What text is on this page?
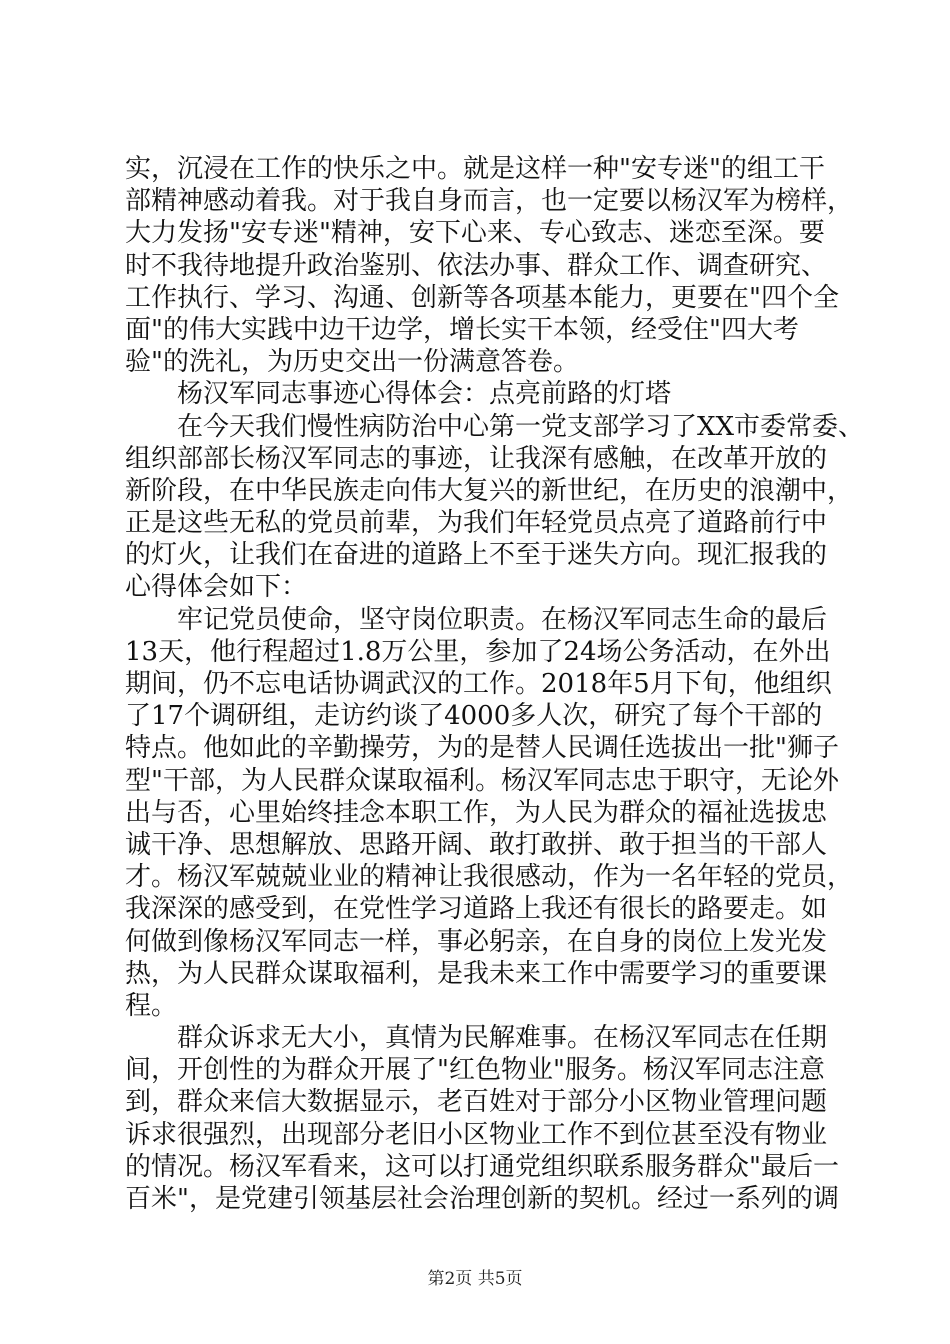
实，沉浸在工作的快乐之中。就是这样一种"安专迷"的组工干
部精神感动着我。对于我自身而言，也一定要以杨汉军为榜样，
大力发扬"安专迷"精神，安下心来、专心致志、迷恋至深。要
时不我待地提升政治鉴别、依法办事、群众工作、调查研究、
工作执行、学习、沟通、创新等各项基本能力，更要在"四个全
面"的伟大实践中边干边学，增长实干本领，经受住"四大考
验"的洗礼，为历史交出一份满意答卷。
杨汉军同志事迹心得体会：点亮前路的灯塔
在今天我们慢性病防治中心第一党支部学习了XX市委常委、
组织部部长杨汉军同志的事迹，让我深有感触，在改革开放的
新阶段，在中华民族走向伟大复兴的新世纪，在历史的浪潮中，
正是这些无私的党员前辈，为我们年轻党员点亮了道路前行中
的灯火，让我们在奋进的道路上不至于迷失方向。现汇报我的
心得体会如下：
牢记党员使命，坚守岗位职责。在杨汉军同志生命的最后
13天，他行程超过1.8万公里，参加了24场公务活动，在外出
期间，仍不忘电话协调武汉的工作。2018年5月下旬，他组织
了17个调研组，走访约谈了4000多人次，研究了每个干部的
特点。他如此的辛勤操劳，为的是替人民调任选拔出一批"狮子
型"干部，为人民群众谋取福利。杨汉军同志忠于职守，无论外
出与否，心里始终挂念本职工作，为人民为群众的福祉选拔忠
诚干净、思想解放、思路开阔、敢打敢拼、敢于担当的干部人
才。杨汉军兢兢业业的精神让我很感动，作为一名年轻的党员，
我深深的感受到，在党性学习道路上我还有很长的路要走。如
何做到像杨汉军同志一样，事必躬亲，在自身的岗位上发光发
热，为人民群众谋取福利，是我未来工作中需要学习的重要课
程。
群众诉求无大小，真情为民解难事。在杨汉军同志在任期
间，开创性的为群众开展了"红色物业"服务。杨汉军同志注意
到，群众来信大数据显示，老百姓对于部分小区物业管理问题
诉求很强烈，出现部分老旧小区物业工作不到位甚至没有物业
的情况。杨汉军看来，这可以打通党组织联系服务群众"最后一
百米"，是党建引领基层社会治理创新的契机。经过一系列的调
第2页 共5页
